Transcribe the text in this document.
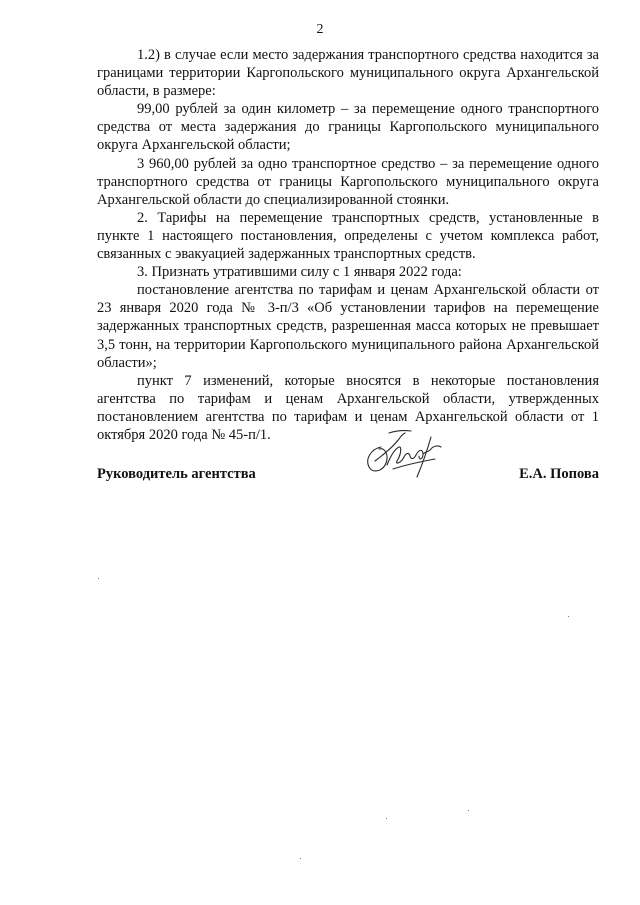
2

1.2) в случае если место задержания транспортного средства находится за границами территории Каргопольского муниципального округа Архангельской области, в размере:

99,00 рублей за один километр – за перемещение одного транспортного средства от места задержания до границы Каргопольского муниципального округа Архангельской области;

3 960,00 рублей за одно транспортное средство – за перемещение одного транспортного средства от границы Каргопольского муниципального округа Архангельской области до специализированной стоянки.

2. Тарифы на перемещение транспортных средств, установленные в пункте 1 настоящего постановления, определены с учетом комплекса работ, связанных с эвакуацией задержанных транспортных средств.

3. Признать утратившими силу с 1 января 2022 года:

постановление агентства по тарифам и ценам Архангельской области от 23 января 2020 года № 3-п/3 «Об установлении тарифов на перемещение задержанных транспортных средств, разрешенная масса которых не превышает 3,5 тонн, на территории Каргопольского муниципального района Архангельской области»;

пункт 7 изменений, которые вносятся в некоторые постановления агентства по тарифам и ценам Архангельской области, утвержденных постановлением агентства по тарифам и ценам Архангельской области от 1 октября 2020 года № 45-п/1.

Руководитель агентства	Е.А. Попова
